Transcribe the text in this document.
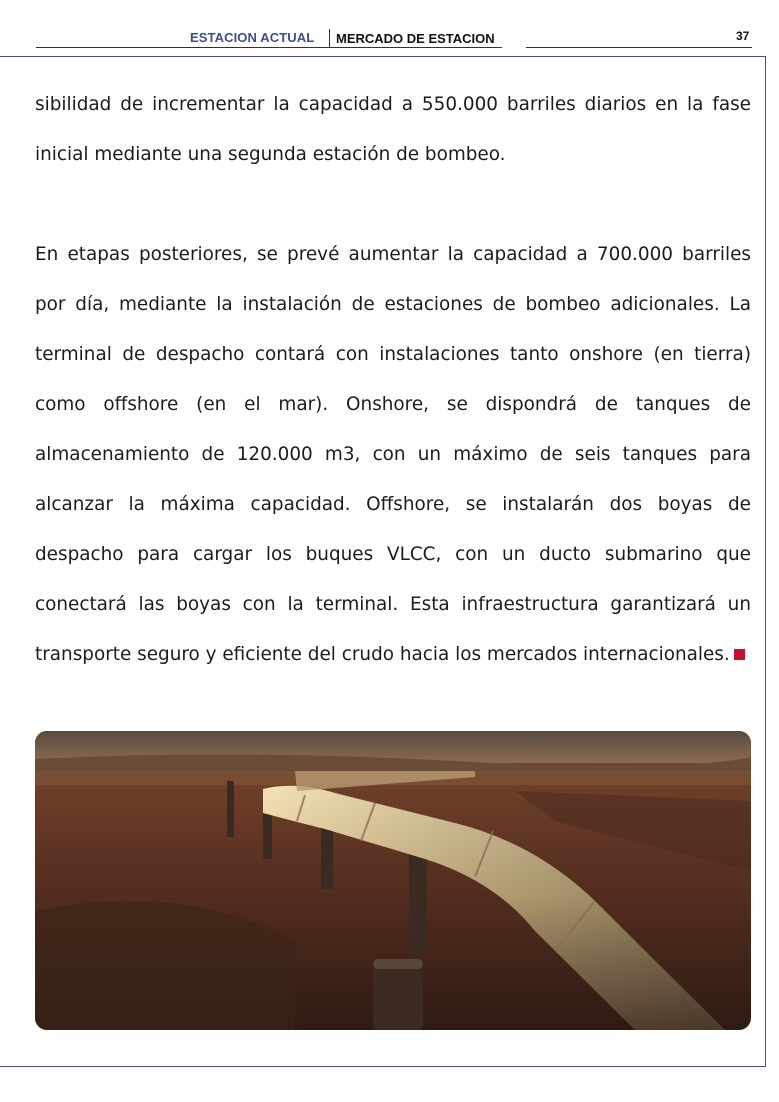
ESTACION ACTUAL MERCADO DE ESTACION	37

sibilidad de incrementar la capacidad a 550.000 barriles diarios en la fase inicial mediante una segunda estación de bombeo.

En etapas posteriores, se prevé aumentar la capacidad a 700.000 barriles por día, mediante la instalación de estaciones de bombeo adicionales. La terminal de despacho contará con instalaciones tanto onshore (en tierra) como offshore (en el mar). Onshore, se dispondrá de tanques de almacenamiento de 120.000 m3, con un máximo de seis tanques para alcanzar la máxima capacidad. Offshore, se instalarán dos boyas de despacho para cargar los buques VLCC, con un ducto submarino que conectará las boyas con la terminal. Esta infraestructura garantizará un transporte seguro y eficiente del crudo hacia los mercados internacionales.
